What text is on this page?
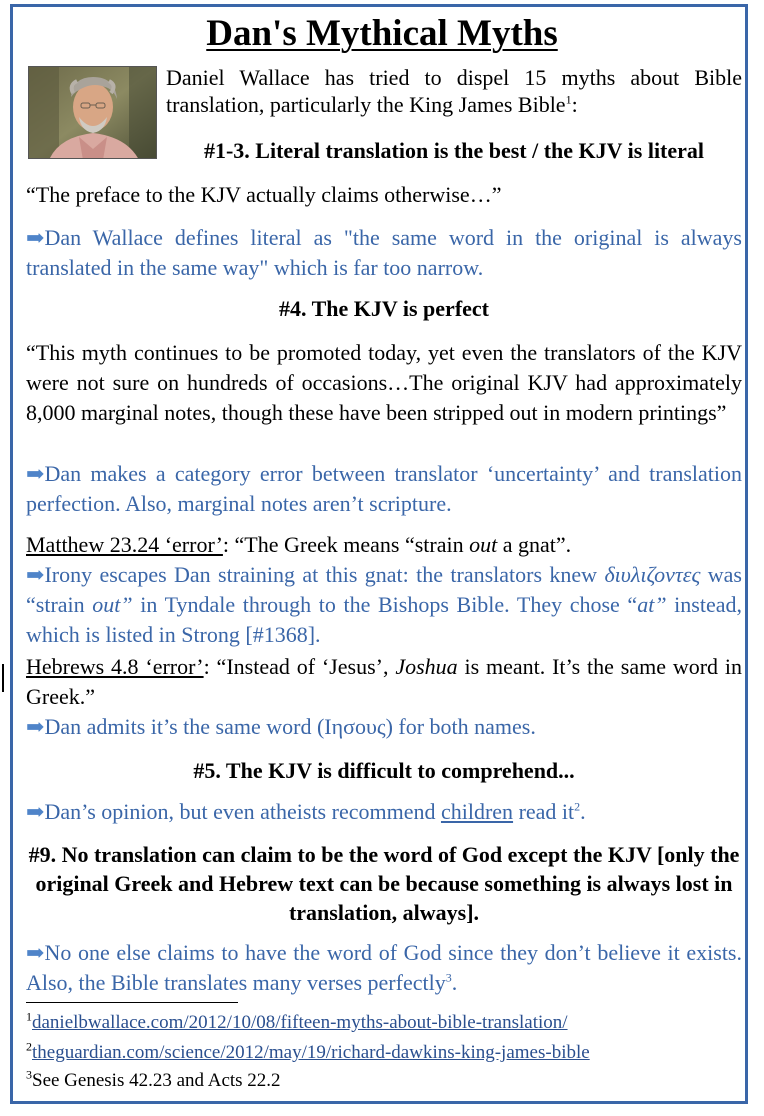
Dan's Mythical Myths

Daniel Wallace has tried to dispel 15 myths about Bible translation, particularly the King James Bible$^1$:

#1-3. Literal translation is the best / the KJV is literal

“The preface to the KJV actually claims otherwise…”

➡Dan Wallace defines literal as "the same word in the original is always translated in the same way" which is far too narrow.

#4. The KJV is perfect

“This myth continues to be promoted today, yet even the translators of the KJV were not sure on hundreds of occasions…The original KJV had approximately 8,000 marginal notes, though these have been stripped out in modern printings”

➡Dan makes a category error between translator ‘uncertainty’ and translation perfection. Also, marginal notes aren’t scripture.

Matthew 23.24 ‘error’: “The Greek means “strain out a gnat”.

➡Irony escapes Dan straining at this gnat: the translators knew διυλιζοντες was “strain out” in Tyndale through to the Bishops Bible. They chose “at” instead, which is listed in Strong [#1368].

Hebrews 4.8 ‘error’: “Instead of ‘Jesus’, Joshua is meant. It’s the same word in Greek.”

➡Dan admits it’s the same word (Ιησους) for both names.

#5. The KJV is difficult to comprehend...

➡Dan’s opinion, but even atheists recommend children read $it^2$.

#9. No translation can claim to be the word of God except the KJV [only the original Greek and Hebrew text can be because something is always lost in translation, always].

➡No one else claims to have the word of God since they don’t believe it exists. Also, the Bible translates many verses perfectly$^3$.

$^1$danielbwallace.com/2012/10/08/fifteen-myths-about-bible-translation/

$^2$theguardian.com/science/2012/may/19/richard-dawkins-king-james-bible

$^3$See Genesis 42.23 and Acts 22.2
